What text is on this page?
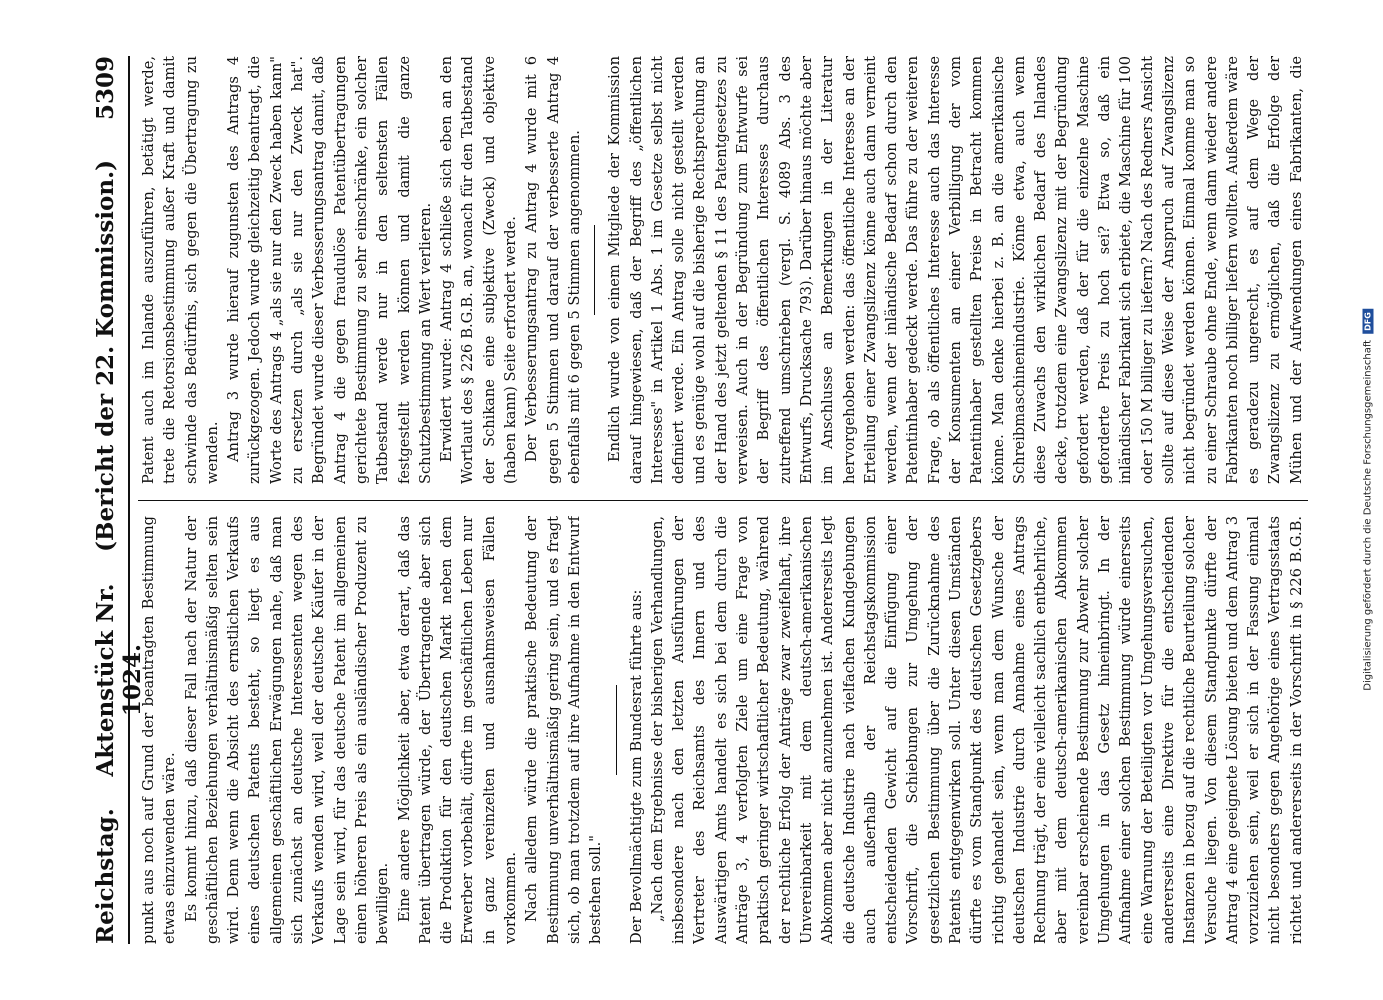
Reichstag.
Aktenstück Nr. 1024.
(Bericht der 22. Kommission.)
5309

punkt aus noch auf Grund der beantragten Bestimmung etwas einzuwenden wäre. Es kommt hinzu, daß dieser Fall nach der Natur der geschäftlichen Beziehungen verhältnismäßig selten sein wird. Denn wenn die Absicht des ernstlichen Verkaufs eines deutschen Patents besteht, so liegt es aus allgemeinen geschäftlichen Erwägungen nahe, daß man sich zunächst an deutsche Interessenten wegen des Verkaufs wenden wird, weil der deutsche Käufer in der Lage sein wird, für das deutsche Patent im allgemeinen einen höheren Preis als ein ausländischer Produzent zu bewilligen. Eine andere Möglichkeit aber, etwa derart, daß das Patent übertragen würde, der Übertragende aber sich die Produktion für den deutschen Markt neben dem Erwerber vorbehält, dürfte im geschäftlichen Leben nur in ganz vereinzelten und ausnahmsweisen Fällen vorkommen. Nach alledem würde die praktische Bedeutung der Bestimmung unverhältnismäßig gering sein, und es fragt sich, ob man trotzdem auf ihre Aufnahme in den Entwurf bestehen soll." Der Bevollmächtigte zum Bundesrat führte aus: „Nach dem Ergebnisse der bisherigen Verhandlungen, insbesondere nach den letzten Ausführungen der Vertreter des Reichsamts des Innern und des Auswärtigen Amts handelt es sich bei dem durch die Anträge 3, 4 verfolgten Ziele um eine Frage von praktisch geringer wirtschaftlicher Bedeutung, während der rechtliche Erfolg der Anträge zwar zweifelhaft, ihre Unvereinbarkeit mit dem deutsch-amerikanischen Abkommen aber nicht anzunehmen ist. Andererseits legt die deutsche Industrie nach vielfachen Kundgebungen auch außerhalb der Reichstagskommission entscheidenden Gewicht auf die Einfügung einer Vorschrift, die Schiebungen zur Umgehung der gesetzlichen Bestimmung über die Zurücknahme des Patents entgegenwirken soll. Unter diesen Umständen dürfte es vom Standpunkt des deutschen Gesetzgebers richtig gehandelt sein, wenn man dem Wunsche der deutschen Industrie durch Annahme eines Antrags Rechnung trägt, der eine vielleicht sachlich entbehrliche, aber mit dem deutsch-amerikanischen Abkommen vereinbar erscheinende Bestimmung zur Abwehr solcher Umgehungen in das Gesetz hineinbringt. In der Aufnahme einer solchen Bestimmung würde einerseits eine Warnung der Beteiligten vor Umgehungsversuchen, andererseits eine Direktive für die entscheidenden Instanzen in bezug auf die rechtliche Beurteilung solcher Versuche liegen. Von diesem Standpunkte dürfte der Antrag 4 eine geeignete Lösung bieten und dem Antrag 3 vorzuziehen sein, weil er sich in der Fassung einmal nicht besonders gegen Angehörige eines Vertragsstaats richtet und andererseits in der Vorschrift in § 226 B.G.B.

Patent auch im Inlande auszuführen, betätigt werde, trete die Retorsionsbestimmung außer Kraft und damit schwinde das Bedürfnis, sich gegen die Übertragung zu wenden. Antrag 3 wurde hierauf zugunsten des Antrags 4 zurückgezogen. Jedoch wurde gleichzeitig beantragt, die Worte des Antrags 4 „als sie nur den Zweck haben kann" zu ersetzen durch „als sie nur den Zweck hat". Begründet wurde dieser Verbesserungsantrag damit, daß Antrag 4 die gegen fraudulöse Patentübertragungen gerichtete Bestimmung zu sehr einschränke, ein solcher Tatbestand werde nur in den seltensten Fällen festgestellt werden können und damit die ganze Schutzbestimmung an Wert verlieren. Erwidert wurde: Antrag 4 schließe sich eben an den Wortlaut des § 226 B.G.B. an, wonach für den Tatbestand der Schikane eine subjektive (Zweck) und objektive (haben kann) Seite erfordert werde. Der Verbesserungsantrag zu Antrag 4 wurde mit 6 gegen 5 Stimmen und darauf der verbesserte Antrag 4 ebenfalls mit 6 gegen 5 Stimmen angenommen. Endlich wurde von einem Mitgliede der Kommission darauf hingewiesen, daß der Begriff des „öffentlichen Interesses" in Artikel 1 Abs. 1 im Gesetze selbst nicht definiert werde. Ein Antrag solle nicht gestellt werden und es genüge wohl auf die bisherige Rechtsprechung an der Hand des jetzt geltenden § 11 des Patentgesetzes zu verweisen. Auch in der Begründung zum Entwurfe sei der Begriff des öffentlichen Interesses durchaus zutreffend umschrieben (vergl. S. 4089 Abs. 3 des Entwurfs, Drucksache 793). Darüber hinaus möchte aber im Anschlusse an Bemerkungen in der Literatur hervorgehoben werden: das öffentliche Interesse an der Erteilung einer Zwangslizenz könne auch dann verneint werden, wenn der inländische Bedarf schon durch den Patentinhaber gedeckt werde. Das führe zu der weiteren Frage, ob als öffentliches Interesse auch das Interesse der Konsumenten an einer Verbilligung der vom Patentinhaber gestellten Preise in Betracht kommen könne. Man denke hierbei z. B. an die amerikanische Schreibmaschinenindustrie. Könne etwa, auch wenn diese Zuwachs den wirklichen Bedarf des Inlandes decke, trotzdem eine Zwangslizenz mit der Begründung gefordert werden, daß der für die einzelne Maschine geforderte Preis zu hoch sei? Etwa so, daß ein inländischer Fabrikant sich erbiete, die Maschine für 100 oder 150 M billiger zu liefern? Nach des Redners Ansicht sollte auf diese Weise der Anspruch auf Zwangslizenz nicht begründet werden können. Einmal komme man so zu einer Schraube ohne Ende, wenn dann wieder andere Fabrikanten noch billiger liefern wollten. Außerdem wäre es geradezu ungerecht, es auf dem Wege der Zwangslizenz zu ermöglichen, daß die Erfolge der Mühen und der Aufwendungen eines Fabrikanten, die

Digitalisierung gefördert durch die Deutsche Forschungsgemeinschaft
DFG
